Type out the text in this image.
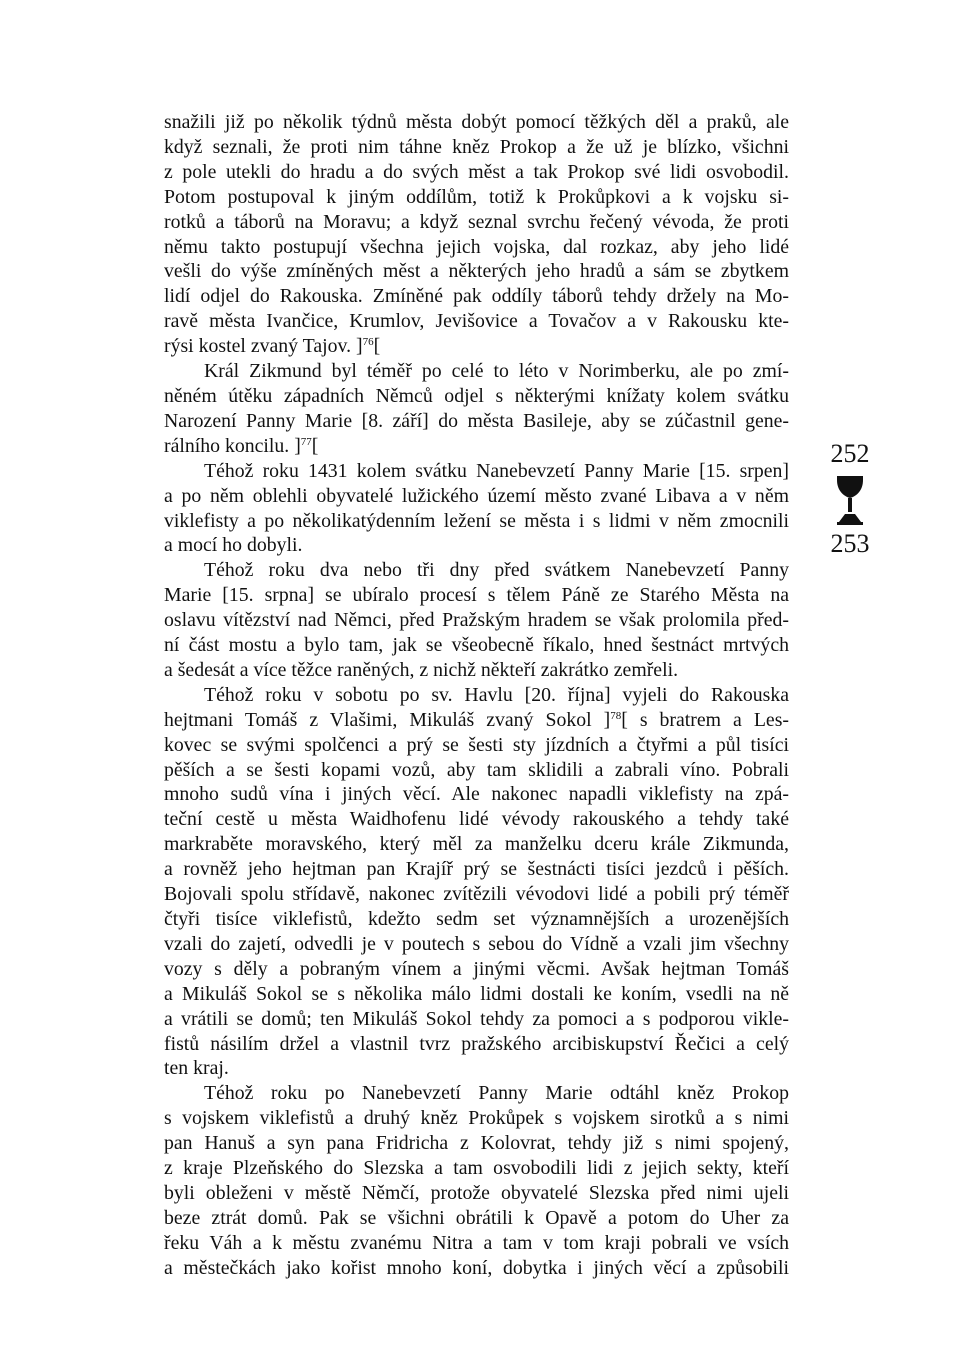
snažili již po několik týdnů města dobýt pomocí těžkých děl a praků, ale
když seznali, že proti nim táhne kněz Prokop a že už je blízko, všichni
z pole utekli do hradu a do svých měst a tak Prokop své lidi osvobodil.
Potom postupoval k jiným oddílům, totiž k Prokůpkovi a k vojsku si-
rotků a táborů na Moravu; a když seznal svrchu řečený vévoda, že proti
němu takto postupují všechna jejich vojska, dal rozkaz, aby jeho lidé
vešli do výše zmíněných měst a některých jeho hradů a sám se zbytkem
lidí odjel do Rakouska. Zmíněné pak oddíly táborů tehdy držely na Mo-
ravě města Ivančice, Krumlov, Jevišovice a Tovačov a v Rakousku kte-
rýsi kostel zvaný Tajov. ]$^{76}$[
Král Zikmund byl téměř po celé to léto v Norimberku, ale po zmí-
něném útěku západních Němců odjel s některými knížaty kolem svátku
Narození Panny Marie [8. září] do města Basileje, aby se zúčastnil gene-
rálního koncilu. ]$^{77}$[
Téhož roku 1431 kolem svátku Nanebevzetí Panny Marie [15. srpen]
a po něm oblehli obyvatelé lužického území město zvané Libava a v něm
viklefisty a po několikatýdenním ležení se města i s lidmi v něm zmocnili
a mocí ho dobyli.
Téhož roku dva nebo tři dny před svátkem Nanebevzetí Panny
Marie [15. srpna] se ubíralo procesí s tělem Páně ze Starého Města na
oslavu vítězství nad Němci, před Pražským hradem se však prolomila před-
ní část mostu a bylo tam, jak se všeobecně říkalo, hned šestnáct mrtvých
a šedesát a více těžce raněných, z nichž někteří zakrátko zemřeli.
Téhož roku v sobotu po sv. Havlu [20. října] vyjeli do Rakouska
hejtmani Tomáš z Vlašimi, Mikuláš zvaný Sokol ]$^{78}$[ s bratrem a Les-
kovec se svými spolčenci a prý se šesti sty jízdních a čtyřmi a půl tisíci
pěších a se šesti kopami vozů, aby tam sklidili a zabrali víno. Pobrali
mnoho sudů vína i jiných věcí. Ale nakonec napadli viklefisty na zpá-
teční cestě u města Waidhofenu lidé vévody rakouského a tehdy také
markraběte moravského, který měl za manželku dceru krále Zikmunda,
a rovněž jeho hejtman pan Krajíř prý se šestnácti tisíci jezdců i pěších.
Bojovali spolu střídavě, nakonec zvítězili vévodovi lidé a pobili prý téměř
čtyři tisíce viklefistů, kdežto sedm set významnějších a urozenějších
vzali do zajetí, odvedli je v poutech s sebou do Vídně a vzali jim všechny
vozy s děly a pobraným vínem a jinými věcmi. Avšak hejtman Tomáš
a Mikuláš Sokol se s několika málo lidmi dostali ke koním, vsedli na ně
a vrátili se domů; ten Mikuláš Sokol tehdy za pomoci a s podporou vikle-
fistů násilím držel a vlastnil tvrz pražského arcibiskupství Řečici a celý
ten kraj.
Téhož roku po Nanebevzetí Panny Marie odtáhl kněz Prokop
s vojskem viklefistů a druhý kněz Prokůpek s vojskem sirotků a s nimi
pan Hanuš a syn pana Fridricha z Kolovrat, tehdy již s nimi spojený,
z kraje Plzeňského do Slezska a tam osvobodili lidi z jejich sekty, kteří
byli obleženi v městě Němčí, protože obyvatelé Slezska před nimi ujeli
beze ztrát domů. Pak se všichni obrátili k Opavě a potom do Uher za
řeku Váh a k městu zvanému Nitra a tam v tom kraji pobrali ve vsích
a městečkách jako kořist mnoho koní, dobytka i jiných věcí a způsobili
252
253
